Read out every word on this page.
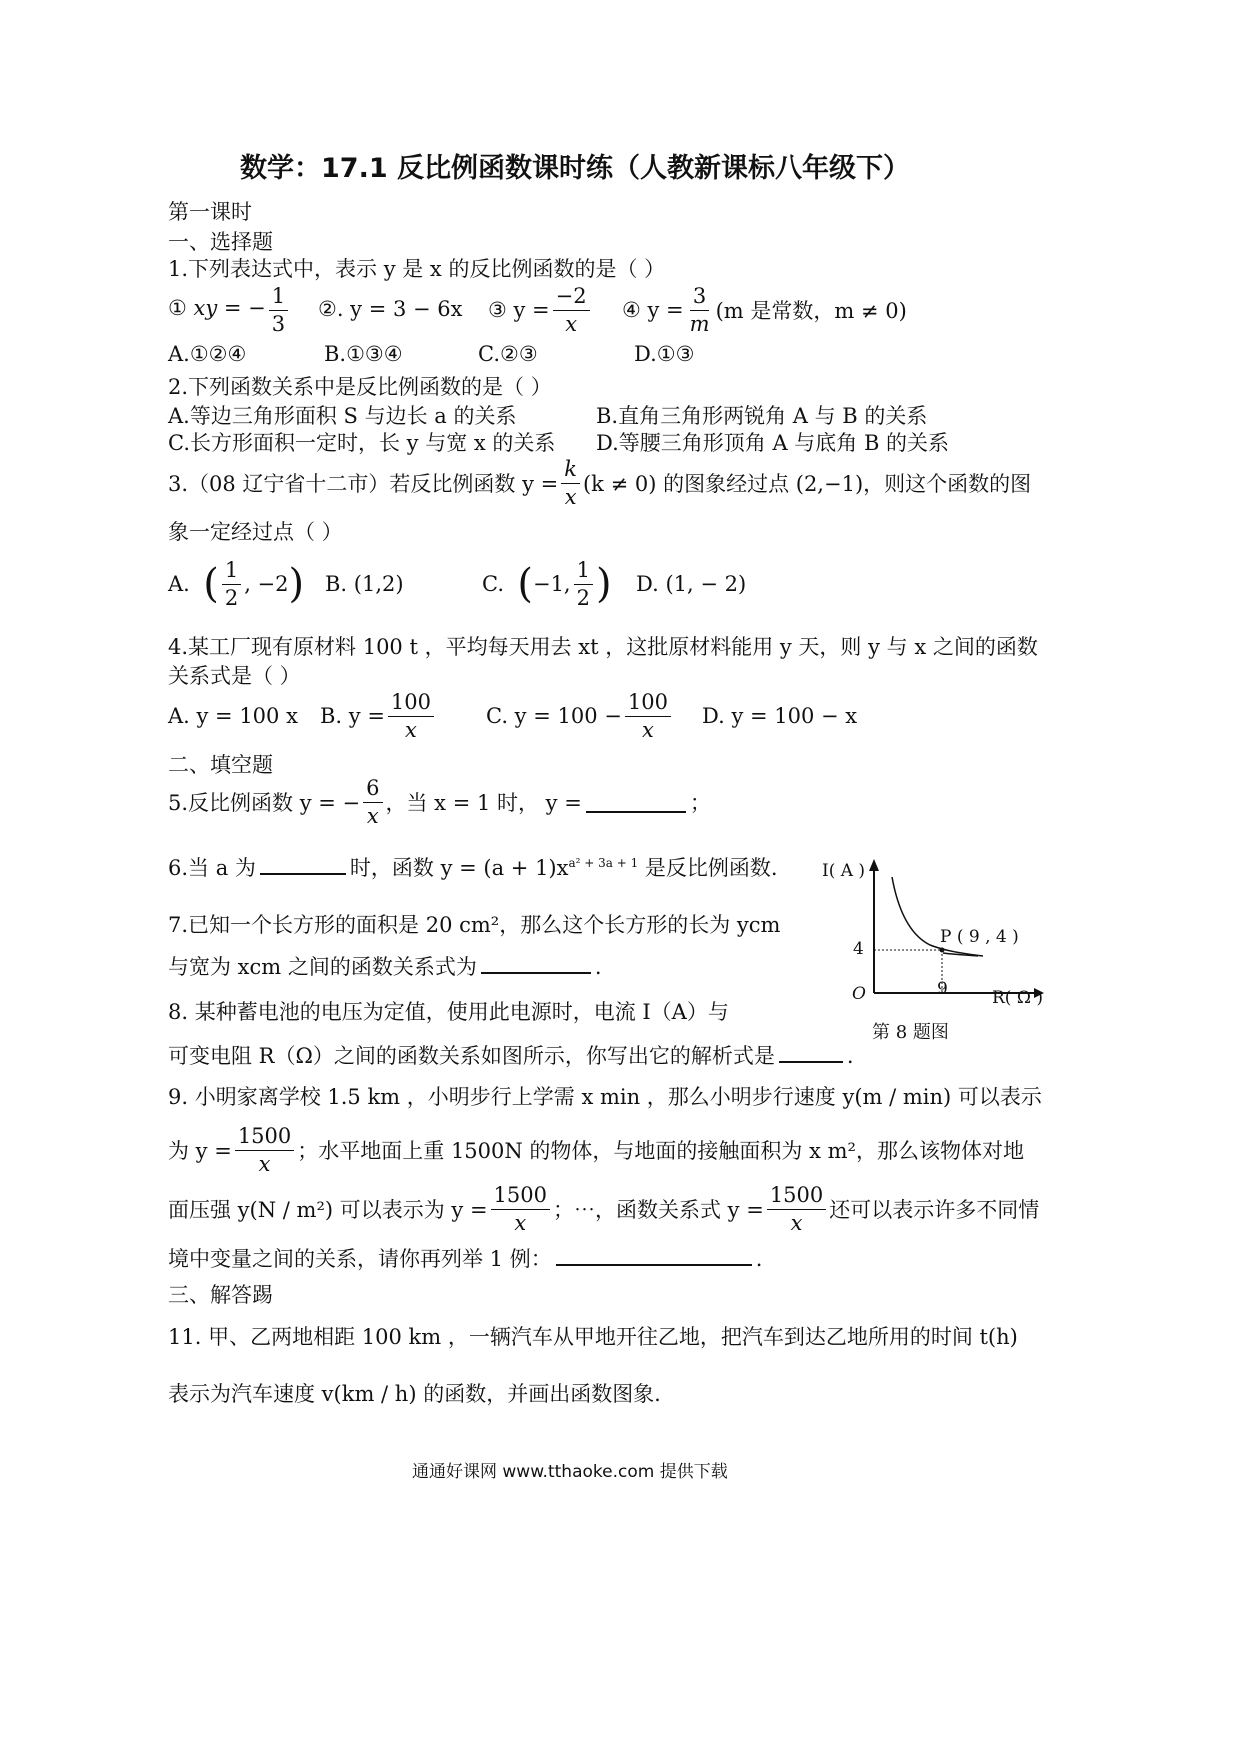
数学：17.1 反比例函数课时练（人教新课标八年级下）
第一课时
一、选择题
1.下列表达式中，表示 y 是 x 的反比例函数的是（ ）
① xy = − $\frac{1}{3}$ ②. y = 3 − 6x ③ $y = \frac{-2}{x}$ ④ $y = \frac{3}{m} (m$ 是常数，m ≠ 0)
A.①②④	B.①③④	C.②③	D.①③
2.下列函数关系中是反比例函数的是（ ）
A.等边三角形面积 S 与边长 a 的关系	B.直角三角形两锐角 A 与 B 的关系
C.长方形面积一定时，长 y 与宽 x 的关系 D.等腰三角形顶角 A 与底角 B 的关系
3.（08 辽宁省十二市）若反比例函数 $y = \frac{k}{x} (k \ne 0)$ 的图象经过点 (2,−1)，则这个函数的图
象一定经过点（ ）
A.
( $\frac{1}{2}$ , −2 ) B. (1,2)	C.
( −1, $\frac{1}{2}$ ) D. (1, − 2)
4.某工厂现有原材料 100 t ，平均每天用去 xt ，这批原材料能用 y 天，则 y 与 x 之间的函数
关系式是（ ）
A. y = 100 x B. $y = \frac{100}{x} C$. $y = 100 - \frac{100}{x} D$. y = 100 − x
二、填空题
5.反比例函数 y = − $\frac{6}{x}$ ，当 x = 1 时， y =	；
6.当 a 为	时，函数 $y = (a + 1)x^{a^2 + 3a + 1}$ 是反比例函数.
7.已知一个长方形的面积是 20 cm²，那么这个长方形的长为 ycm
与宽为 xcm 之间的函数关系式为	.
8. 某种蓄电池的电压为定值，使用此电源时，电流 I（A）与
可变电阻 R（Ω）之间的函数关系如图所示，你写出它的解析式是	.
I( A )
R( Ω )
O
4
9
P ( 9 , 4 )
第 8 题图
9. 小明家离学校 1.5 km ，小明步行上学需 x min ，那么小明步行速度 y(m / min) 可以表示
为 $y = \frac{1500}{x}$ ；水平地面上重 1500N 的物体，与地面的接触面积为 x m²，那么该物体对地
面压强 y(N / m²) 可以表示为 $y = \frac{1500}{x}$ ；⋯，函数关系式 $y = \frac{1500}{x}$ 还可以表示许多不同情
境中变量之间的关系，请你再列举 1 例：	.
三、解答踢
11. 甲、乙两地相距 100 km ，一辆汽车从甲地开往乙地，把汽车到达乙地所用的时间 t(h)
表示为汽车速度 v(km / h) 的函数，并画出函数图象.
通通好课网 www.tthaoke.com 提供下载
